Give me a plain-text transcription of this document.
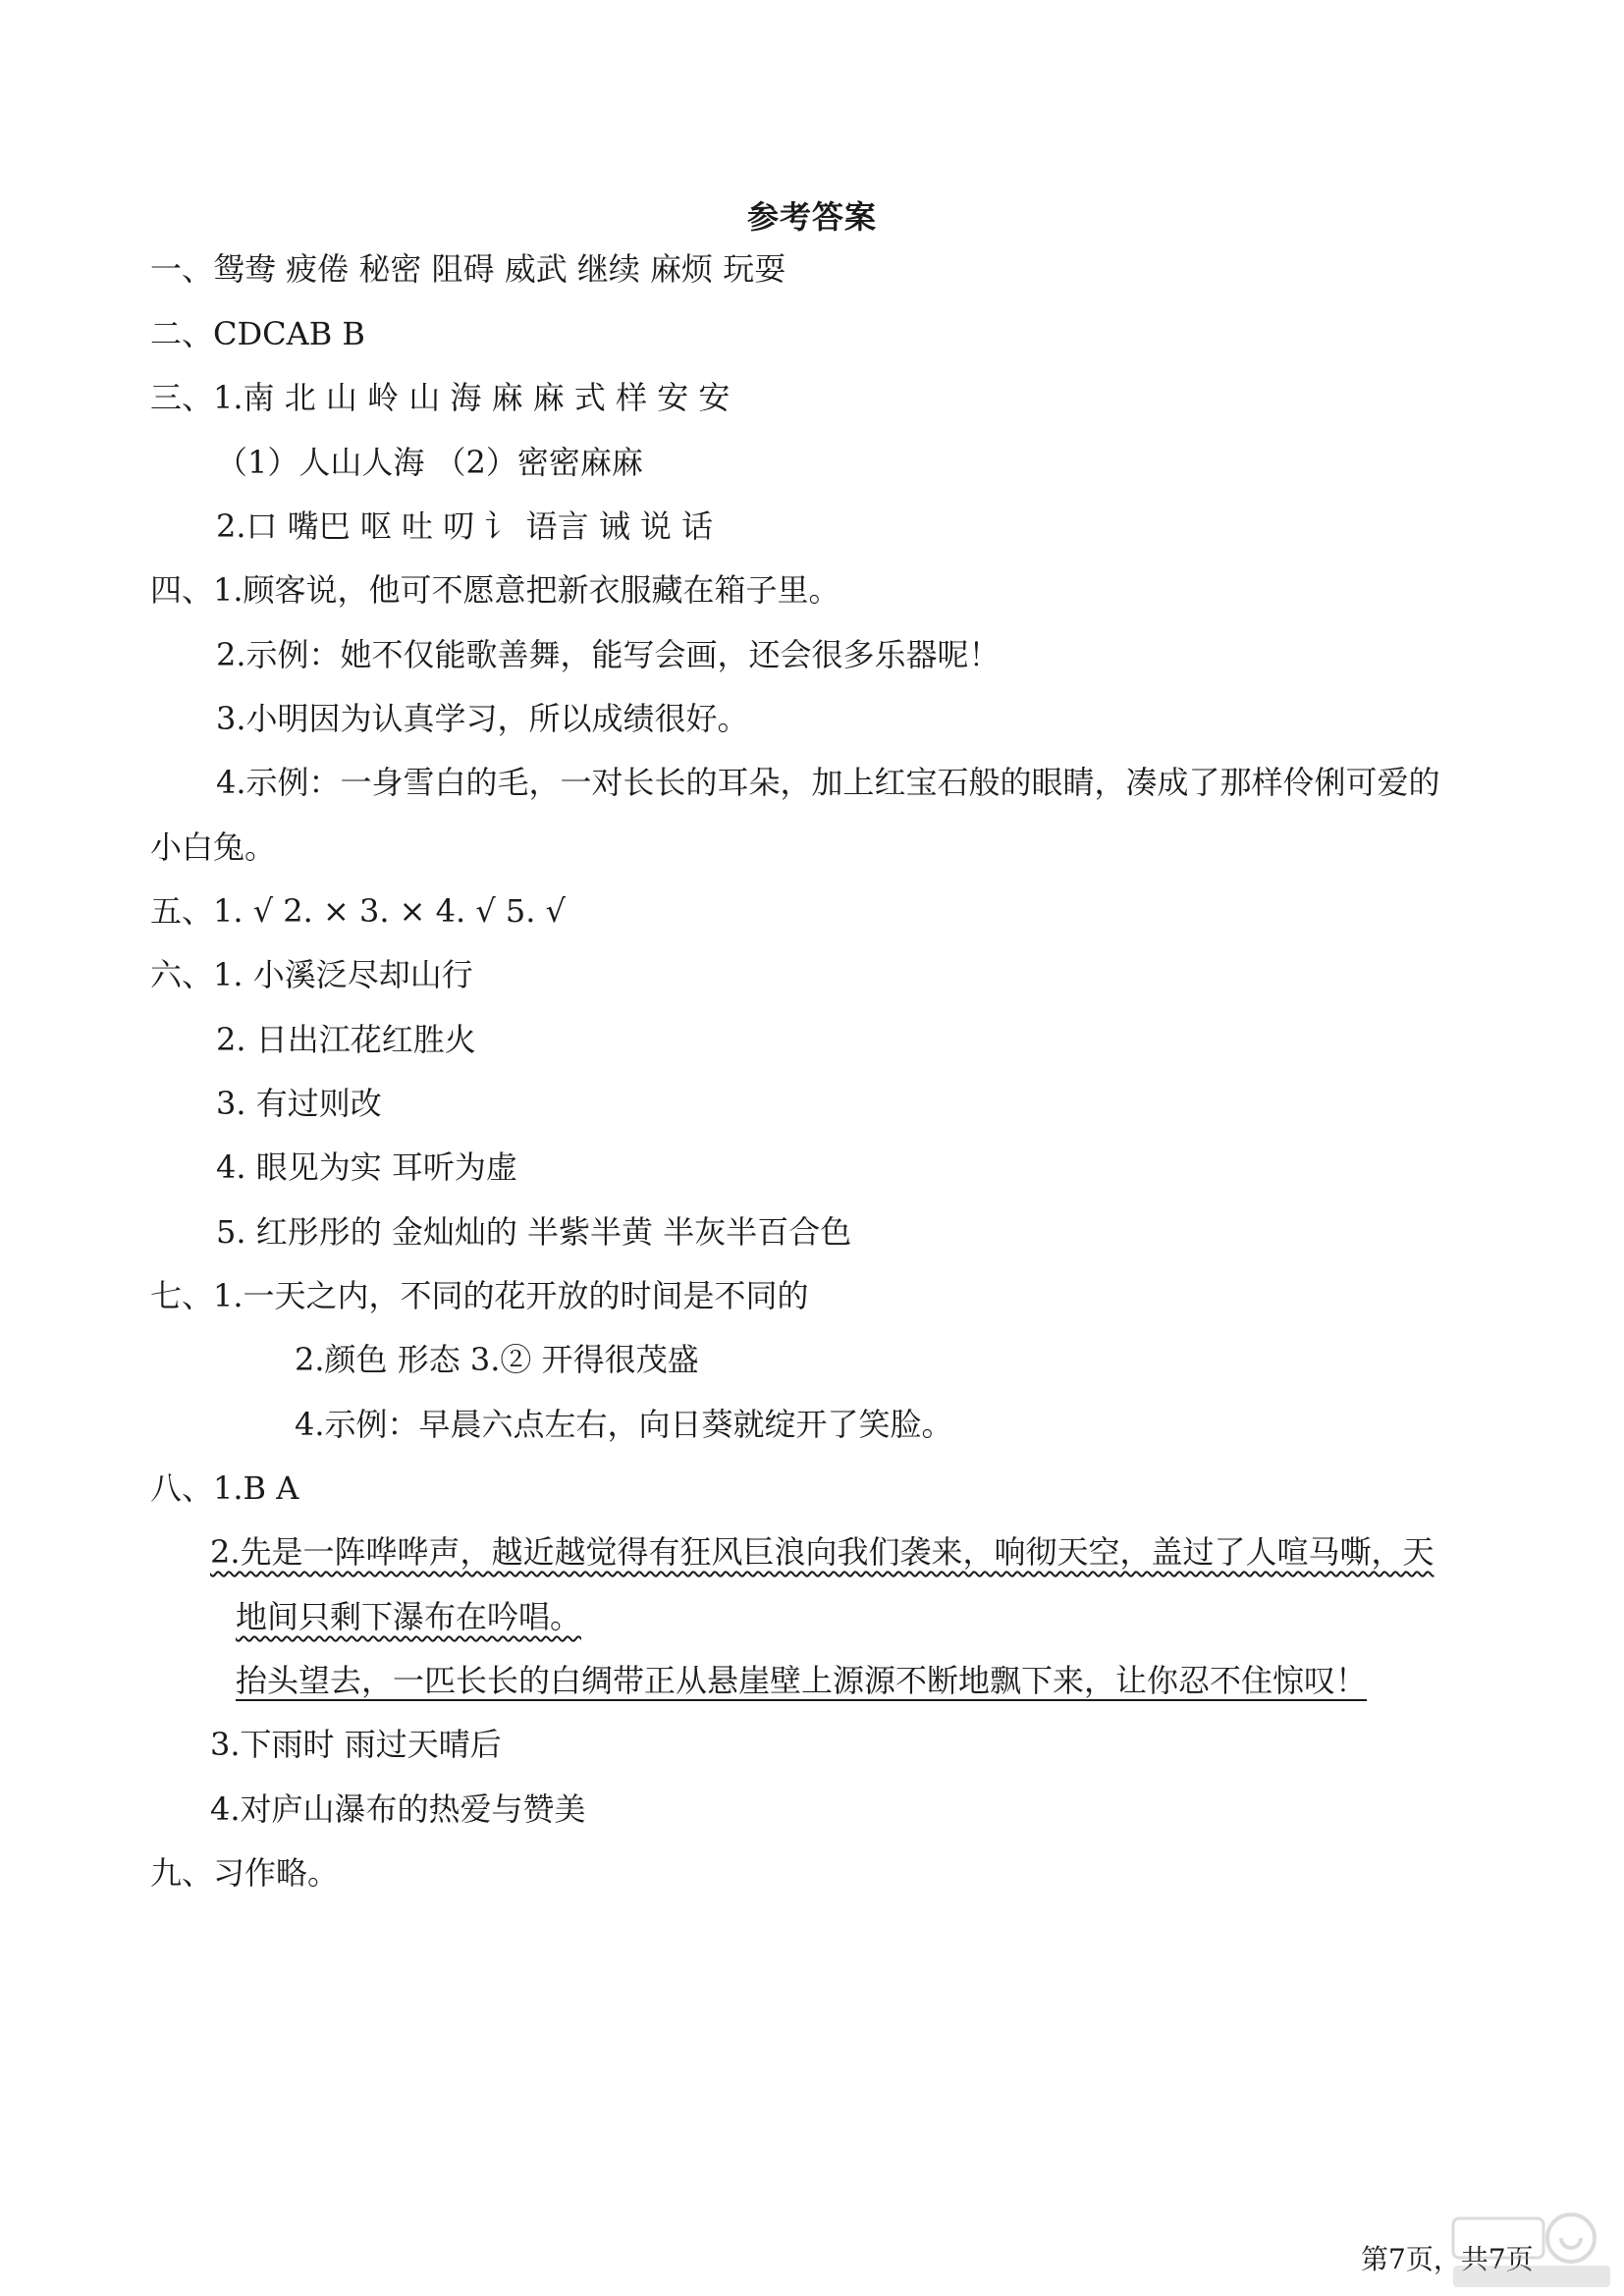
参考答案
一、鸳鸯 疲倦 秘密 阻碍 威武 继续 麻烦 玩耍
二、CDCAB B
三、1.南 北 山 岭 山 海 麻 麻 式 样 安 安
（1）人山人海 （2）密密麻麻
2.口 嘴巴 呕 吐 叨 讠 语言 诫 说 话
四、1.顾客说，他可不愿意把新衣服藏在箱子里。
2.示例：她不仅能歌善舞，能写会画，还会很多乐器呢！
3.小明因为认真学习，所以成绩很好。
4.示例：一身雪白的毛，一对长长的耳朵，加上红宝石般的眼睛，凑成了那样伶俐可爱的
小白兔。
五、1. √ 2. × 3. × 4. √ 5. √
六、1. 小溪泛尽却山行
2. 日出江花红胜火
3. 有过则改
4. 眼见为实 耳听为虚
5. 红彤彤的 金灿灿的 半紫半黄 半灰半百合色
七、1.一天之内，不同的花开放的时间是不同的
2.颜色 形态 3.② 开得很茂盛
4.示例：早晨六点左右，向日葵就绽开了笑脸。
八、1.B A
2.先是一阵哗哗声，越近越觉得有狂风巨浪向我们袭来，响彻天空，盖过了人喧马嘶，天
地间只剩下瀑布在吟唱。
抬头望去，一匹长长的白绸带正从悬崖壁上源源不断地飘下来，让你忍不住惊叹！
3.下雨时 雨过天晴后
4.对庐山瀑布的热爱与赞美
九、习作略。
第7页，共7页
